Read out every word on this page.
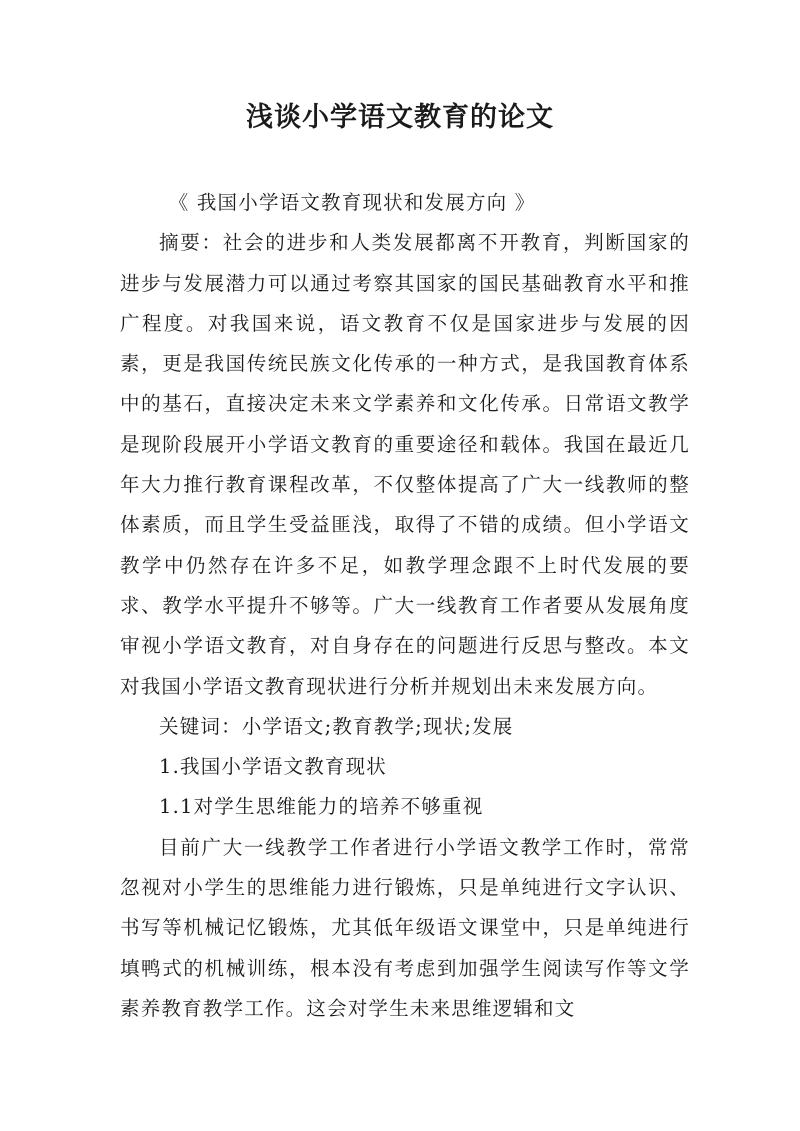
浅谈小学语文教育的论文

《 我国小学语文教育现状和发展方向 》

摘要：社会的进步和人类发展都离不开教育，判断国家的进步与发展潜力可以通过考察其国家的国民基础教育水平和推广程度。对我国来说，语文教育不仅是国家进步与发展的因素，更是我国传统民族文化传承的一种方式，是我国教育体系中的基石，直接决定未来文学素养和文化传承。日常语文教学是现阶段展开小学语文教育的重要途径和载体。我国在最近几年大力推行教育课程改革，不仅整体提高了广大一线教师的整体素质，而且学生受益匪浅，取得了不错的成绩。但小学语文教学中仍然存在许多不足，如教学理念跟不上时代发展的要求、教学水平提升不够等。广大一线教育工作者要从发展角度审视小学语文教育，对自身存在的问题进行反思与整改。本文对我国小学语文教育现状进行分析并规划出未来发展方向。

关键词：小学语文;教育教学;现状;发展

1.我国小学语文教育现状

1.1对学生思维能力的培养不够重视

目前广大一线教学工作者进行小学语文教学工作时，常常忽视对小学生的思维能力进行锻炼，只是单纯进行文字认识、书写等机械记忆锻炼，尤其低年级语文课堂中，只是单纯进行填鸭式的机械训练，根本没有考虑到加强学生阅读写作等文学素养教育教学工作。这会对学生未来思维逻辑和文
